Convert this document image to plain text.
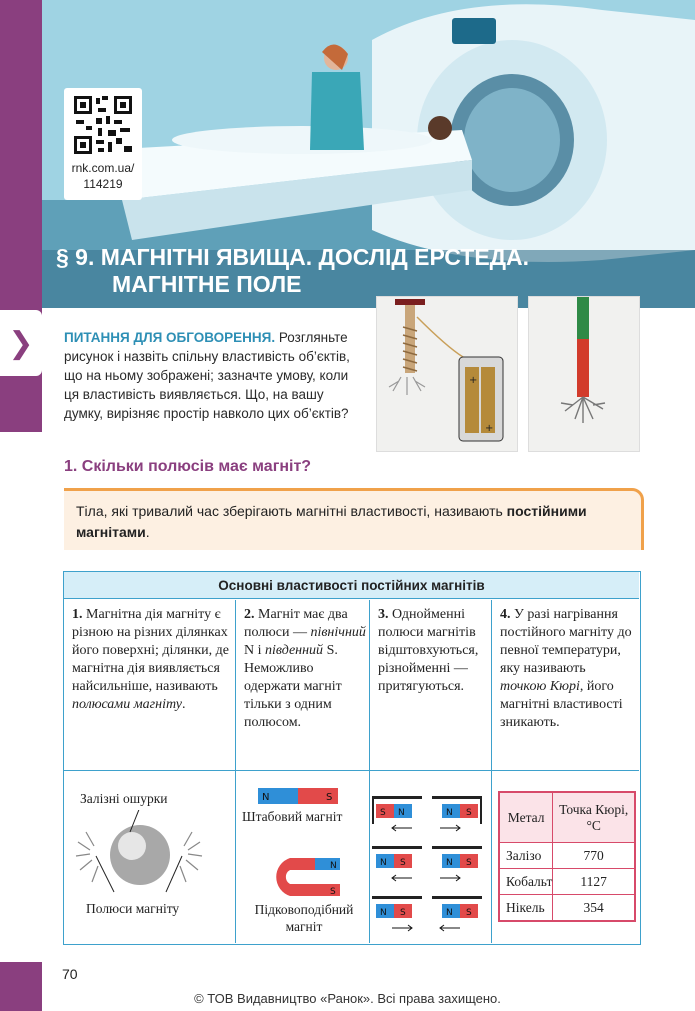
❯
rnk.com.ua/
114219
§ 9. МАГНІТНІ ЯВИЩА. ДОСЛІД ЕРСТЕДА.
МАГНІТНЕ ПОЛЕ
+
+
ПИТАННЯ ДЛЯ ОБГОВОРЕННЯ. Розгляньте рисунок і назвіть спільну властивість об’єктів, що на ньому зображені; зазначте умову, коли ця властивість виявляється. Що, на вашу думку, вирізняє простір навколо цих об’єктів?
1. Скільки полюсів має магніт?

Тіла, які тривалий час зберігають магнітні властивості, називають постійними магнітами.

Основні властивості постійних магнітів
1. Магнітна дія магніту є різною на різних ділянках його поверхні; ділянки, де магнітна дія виявляється найсильніше, називають полюсами магніту.
2. Магніт має два полюси — північний N і південний S. Неможливо одержати магніт тільки з одним полюсом.
3. Однойменні полюси магнітів відштовхуються, різнойменні — притягуються.
4. У разі нагрівання постійного магніту до певної температури, яку називають точкою Кюрі, його магнітні властивості зникають.
Залізні ошурки
Полюси магніту
N	S
Штабовий магніт
N
S
Підковоподібний магніт
S N	N S
N S	N S
N S	N S
Метал	Точка Кюрі, °С
Залізо	770
Кобальт	1127
Нікель	354
70
© ТОВ Видавництво «Ранок». Всі права захищено.
